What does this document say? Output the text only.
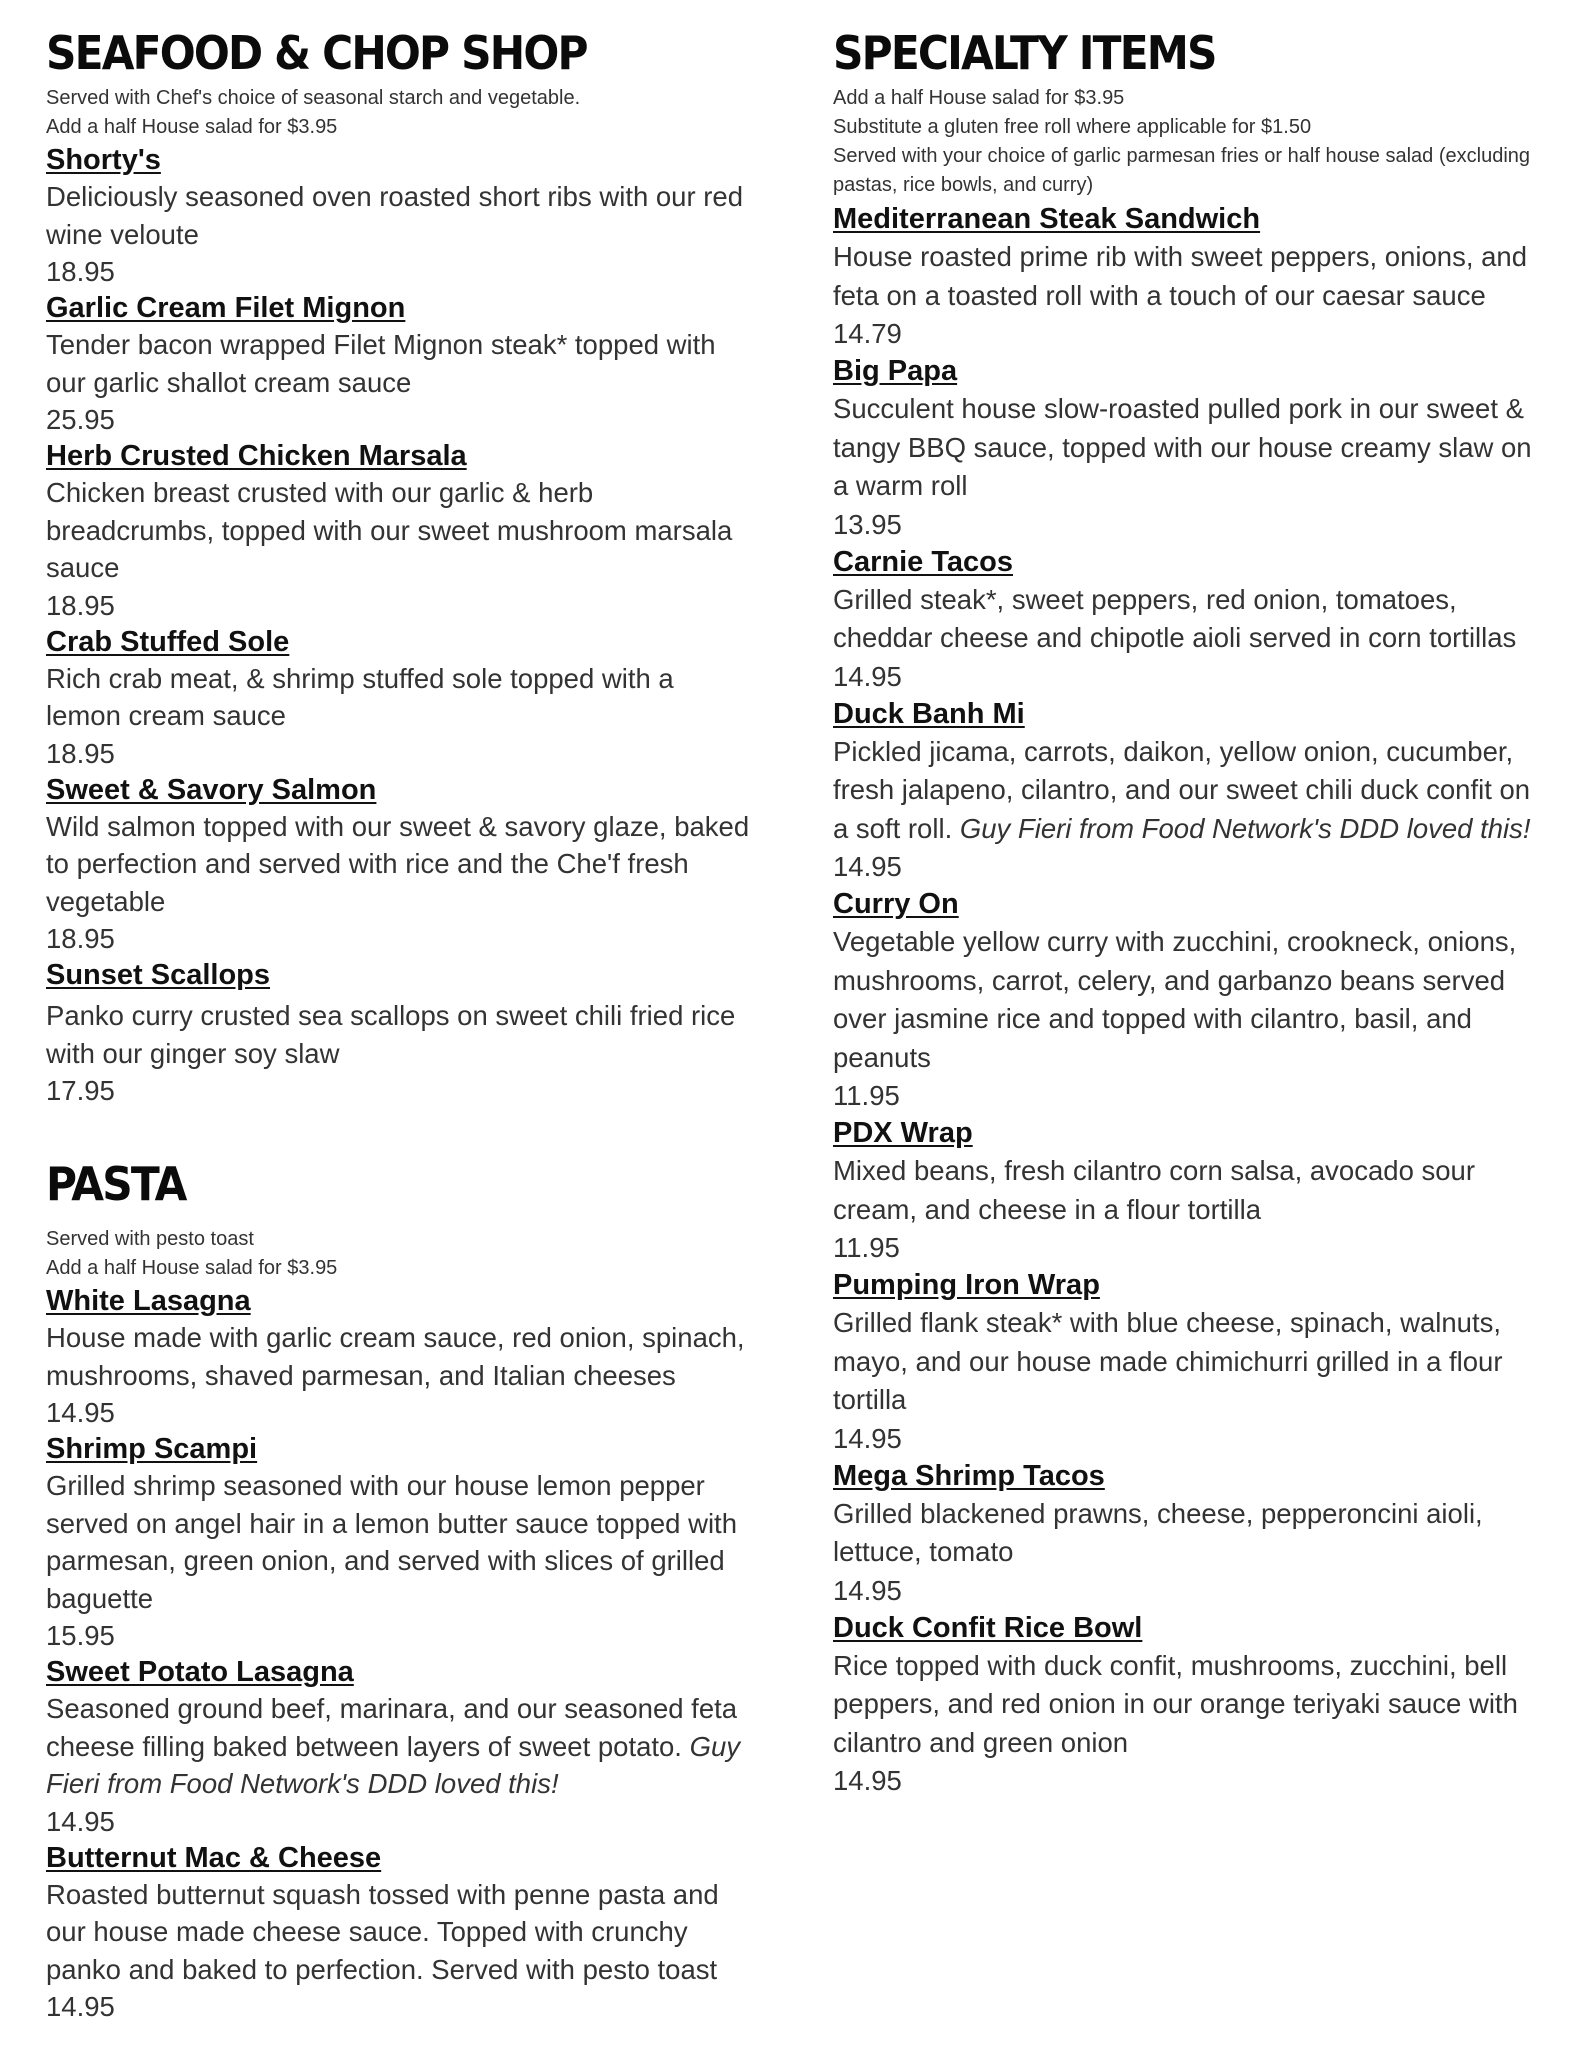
SEAFOOD & CHOP SHOP

Served with Chef's choice of seasonal starch and vegetable.

Add a half House salad for $3.95

Shorty's

Deliciously seasoned oven roasted short ribs with our red wine veloute

18.95

Garlic Cream Filet Mignon

Tender bacon wrapped Filet Mignon steak* topped with our garlic shallot cream sauce

25.95

Herb Crusted Chicken Marsala

Chicken breast crusted with our garlic & herb breadcrumbs, topped with our sweet mushroom marsala sauce

18.95

Crab Stuffed Sole

Rich crab meat, & shrimp stuffed sole topped with a lemon cream sauce

18.95

Sweet & Savory Salmon

Wild salmon topped with our sweet & savory glaze, baked to perfection and served with rice and the Che'f fresh vegetable

18.95

Sunset Scallops

Panko curry crusted sea scallops on sweet chili fried rice with our ginger soy slaw

17.95

PASTA

Served with pesto toast

Add a half House salad for $3.95

White Lasagna

House made with garlic cream sauce, red onion, spinach, mushrooms, shaved parmesan, and Italian cheeses

14.95

Shrimp Scampi

Grilled shrimp seasoned with our house lemon pepper served on angel hair in a lemon butter sauce topped with parmesan, green onion, and served with slices of grilled baguette

15.95

Sweet Potato Lasagna

Seasoned ground beef, marinara, and our seasoned feta cheese filling baked between layers of sweet potato. Guy Fieri from Food Network's DDD loved this!

14.95

Butternut Mac & Cheese

Roasted butternut squash tossed with penne pasta and our house made cheese sauce. Topped with crunchy panko and baked to perfection. Served with pesto toast

14.95

SPECIALTY ITEMS

Add a half House salad for $3.95

Substitute a gluten free roll where applicable for $1.50

Served with your choice of garlic parmesan fries or half house salad (excluding pastas, rice bowls, and curry)

Mediterranean Steak Sandwich

House roasted prime rib with sweet peppers, onions, and feta on a toasted roll with a touch of our caesar sauce

14.79

Big Papa

Succulent house slow-roasted pulled pork in our sweet & tangy BBQ sauce, topped with our house creamy slaw on a warm roll

13.95

Carnie Tacos

Grilled steak*, sweet peppers, red onion, tomatoes, cheddar cheese and chipotle aioli served in corn tortillas

14.95

Duck Banh Mi

Pickled jicama, carrots, daikon, yellow onion, cucumber, fresh jalapeno, cilantro, and our sweet chili duck confit on a soft roll. Guy Fieri from Food Network's DDD loved this!

14.95

Curry On

Vegetable yellow curry with zucchini, crookneck, onions, mushrooms, carrot, celery, and garbanzo beans served over jasmine rice and topped with cilantro, basil, and peanuts

11.95

PDX Wrap

Mixed beans, fresh cilantro corn salsa, avocado sour cream, and cheese in a flour tortilla

11.95

Pumping Iron Wrap

Grilled flank steak* with blue cheese, spinach, walnuts, mayo, and our house made chimichurri grilled in a flour tortilla

14.95

Mega Shrimp Tacos

Grilled blackened prawns, cheese, pepperoncini aioli, lettuce, tomato

14.95

Duck Confit Rice Bowl

Rice topped with duck confit, mushrooms, zucchini, bell peppers, and red onion in our orange teriyaki sauce with cilantro and green onion

14.95
